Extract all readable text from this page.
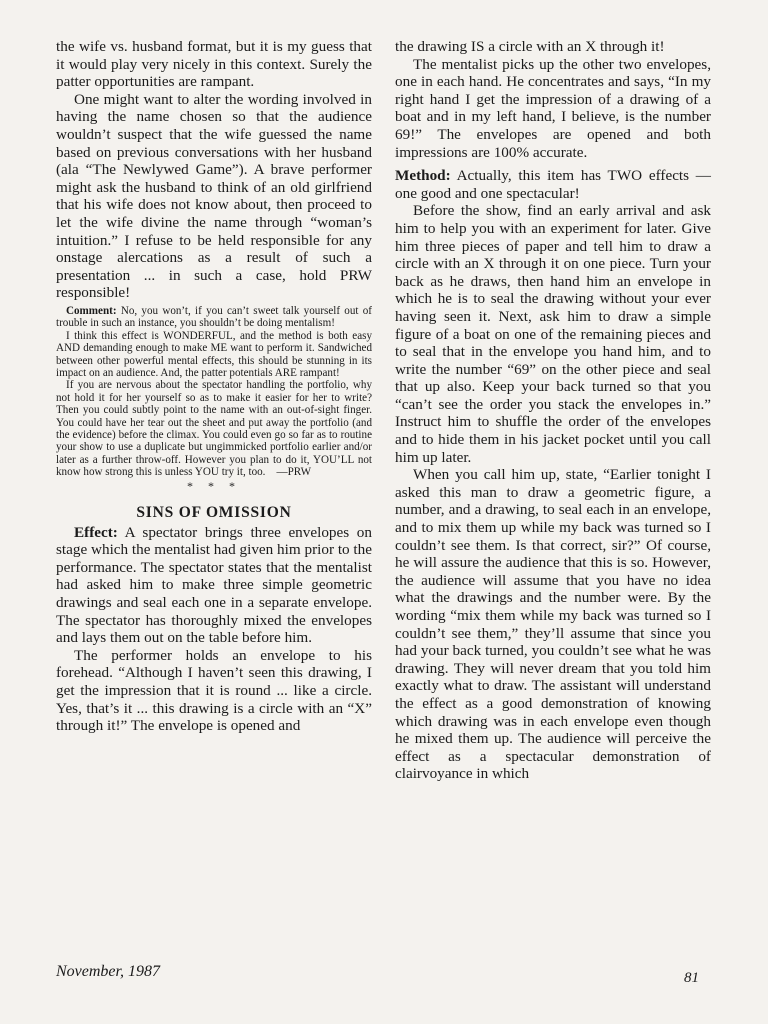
the wife vs. husband format, but it is my guess that it would play very nicely in this context. Surely the patter opportunities are rampant.

One might want to alter the wording involved in having the name chosen so that the audience wouldn’t suspect that the wife guessed the name based on previous conversations with her husband (ala “The Newlywed Game”). A brave performer might ask the husband to think of an old girlfriend that his wife does not know about, then proceed to let the wife divine the name through “woman’s intuition.” I refuse to be held responsible for any onstage alercations as a result of such a presentation ... in such a case, hold PRW responsible!

Comment: No, you won’t, if you can’t sweet talk yourself out of trouble in such an instance, you shouldn’t be doing mentalism!

I think this effect is WONDERFUL, and the method is both easy AND demanding enough to make ME want to perform it. Sandwiched between other powerful mental effects, this should be stunning in its impact on an audience. And, the patter potentials ARE rampant!

If you are nervous about the spectator handling the portfolio, why not hold it for her yourself so as to make it easier for her to write? Then you could subtly point to the name with an out-of-sight finger. You could have her tear out the sheet and put away the portfolio (and the evidence) before the climax. You could even go so far as to routine your show to use a duplicate but ungimmicked portfolio earlier and/or later as a further throw-off. However you plan to do it, YOU’LL not know how strong this is unless YOU try it, too. —PRW

* * *
SINS OF OMISSION

Effect: A spectator brings three envelopes on stage which the mentalist had given him prior to the performance. The spectator states that the mentalist had asked him to make three simple geometric drawings and seal each one in a separate envelope. The spectator has thoroughly mixed the envelopes and lays them out on the table before him.

The performer holds an envelope to his forehead. “Although I haven’t seen this drawing, I get the impression that it is round ... like a circle. Yes, that’s it ... this drawing is a circle with an “X” through it!” The envelope is opened and

the drawing IS a circle with an X through it!

The mentalist picks up the other two envelopes, one in each hand. He concentrates and says, “In my right hand I get the impression of a drawing of a boat and in my left hand, I believe, is the number 69!” The envelopes are opened and both impressions are 100% accurate.

Method: Actually, this item has TWO effects — one good and one spectacular!

Before the show, find an early arrival and ask him to help you with an experiment for later. Give him three pieces of paper and tell him to draw a circle with an X through it on one piece. Turn your back as he draws, then hand him an envelope in which he is to seal the drawing without your ever having seen it. Next, ask him to draw a simple figure of a boat on one of the remaining pieces and to seal that in the envelope you hand him, and to write the number “69” on the other piece and seal that up also. Keep your back turned so that you “can’t see the order you stack the envelopes in.” Instruct him to shuffle the order of the envelopes and to hide them in his jacket pocket until you call him up later.

When you call him up, state, “Earlier tonight I asked this man to draw a geometric figure, a number, and a drawing, to seal each in an envelope, and to mix them up while my back was turned so I couldn’t see them. Is that correct, sir?” Of course, he will assure the audience that this is so. However, the audience will assume that you have no idea what the drawings and the number were. By the wording “mix them while my back was turned so I couldn’t see them,” they’ll assume that since you had your back turned, you couldn’t see what he was drawing. They will never dream that you told him exactly what to draw. The assistant will understand the effect as a good demonstration of knowing which drawing was in each envelope even though he mixed them up. The audience will perceive the effect as a spectacular demonstration of clairvoyance in which

November, 1987	81
